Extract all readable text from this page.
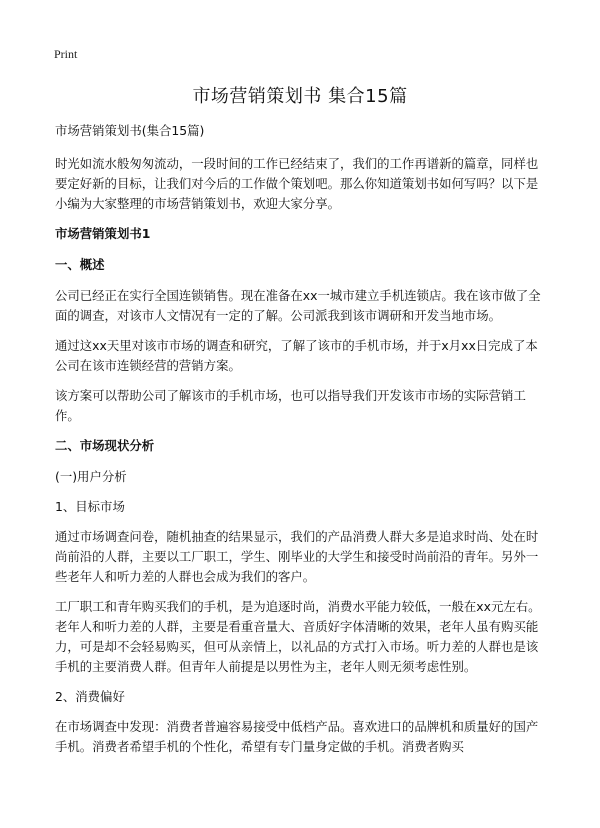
Print
市场营销策划书 集合15篇

市场营销策划书(集合15篇)

时光如流水般匆匆流动，一段时间的工作已经结束了，我们的工作再谱新的篇章，同样也要定好新的目标，让我们对今后的工作做个策划吧。那么你知道策划书如何写吗？以下是小编为大家整理的市场营销策划书，欢迎大家分享。

市场营销策划书1

一、概述

公司已经正在实行全国连锁销售。现在准备在xx一城市建立手机连锁店。我在该市做了全面的调查，对该市人文情况有一定的了解。公司派我到该市调研和开发当地市场。

通过这xx天里对该市市场的调查和研究，了解了该市的手机市场，并于x月xx日完成了本公司在该市连锁经营的营销方案。

该方案可以帮助公司了解该市的手机市场，也可以指导我们开发该市市场的实际营销工作。

二、市场现状分析

(一)用户分析

1、目标市场

通过市场调查问卷，随机抽查的结果显示，我们的产品消费人群大多是追求时尚、处在时尚前沿的人群，主要以工厂职工，学生、刚毕业的大学生和接受时尚前沿的青年。另外一些老年人和听力差的人群也会成为我们的客户。

工厂职工和青年购买我们的手机，是为追逐时尚，消费水平能力较低，一般在xx元左右。老年人和听力差的人群，主要是看重音量大、音质好字体清晰的效果，老年人虽有购买能力，可是却不会轻易购买，但可从亲情上，以礼品的方式打入市场。听力差的人群也是该手机的主要消费人群。但青年人前提是以男性为主，老年人则无须考虑性别。

2、消费偏好

在市场调查中发现：消费者普遍容易接受中低档产品。喜欢进口的品牌机和质量好的国产手机。消费者希望手机的个性化，希望有专门量身定做的手机。消费者购买
